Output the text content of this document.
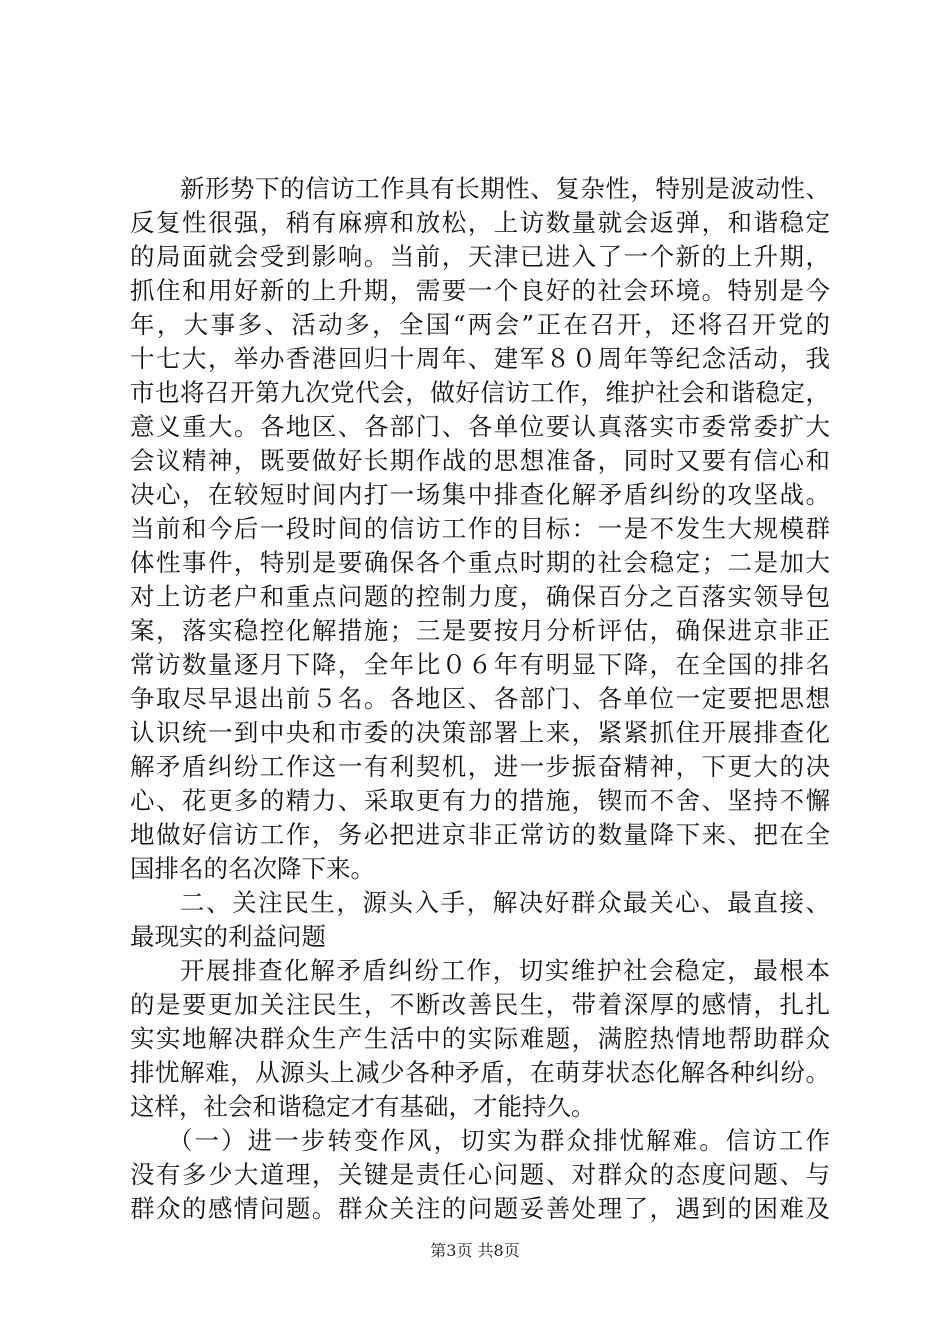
新形势下的信访工作具有长期性、复杂性，特别是波动性、
反复性很强，稍有麻痹和放松，上访数量就会返弹，和谐稳定
的局面就会受到影响。当前，天津已进入了一个新的上升期，
抓住和用好新的上升期，需要一个良好的社会环境。特别是今
年，大事多、活动多，全国“两会”正在召开，还将召开党的
十七大，举办香港回归十周年、建军８０周年等纪念活动，我
市也将召开第九次党代会，做好信访工作，维护社会和谐稳定，
意义重大。各地区、各部门、各单位要认真落实市委常委扩大
会议精神，既要做好长期作战的思想准备，同时又要有信心和
决心，在较短时间内打一场集中排查化解矛盾纠纷的攻坚战。
当前和今后一段时间的信访工作的目标：一是不发生大规模群
体性事件，特别是要确保各个重点时期的社会稳定；二是加大
对上访老户和重点问题的控制力度，确保百分之百落实领导包
案，落实稳控化解措施；三是要按月分析评估，确保进京非正
常访数量逐月下降，全年比０６年有明显下降，在全国的排名
争取尽早退出前５名。各地区、各部门、各单位一定要把思想
认识统一到中央和市委的决策部署上来，紧紧抓住开展排查化
解矛盾纠纷工作这一有利契机，进一步振奋精神，下更大的决
心、花更多的精力、采取更有力的措施，锲而不舍、坚持不懈
地做好信访工作，务必把进京非正常访的数量降下来、把在全
国排名的名次降下来。
二、关注民生，源头入手，解决好群众最关心、最直接、
最现实的利益问题
开展排查化解矛盾纠纷工作，切实维护社会稳定，最根本
的是要更加关注民生，不断改善民生，带着深厚的感情，扎扎
实实地解决群众生产生活中的实际难题，满腔热情地帮助群众
排忧解难，从源头上减少各种矛盾，在萌芽状态化解各种纠纷。
这样，社会和谐稳定才有基础，才能持久。
（一）进一步转变作风，切实为群众排忧解难。信访工作
没有多少大道理，关键是责任心问题、对群众的态度问题、与
群众的感情问题。群众关注的问题妥善处理了，遇到的困难及
第3页 共8页
